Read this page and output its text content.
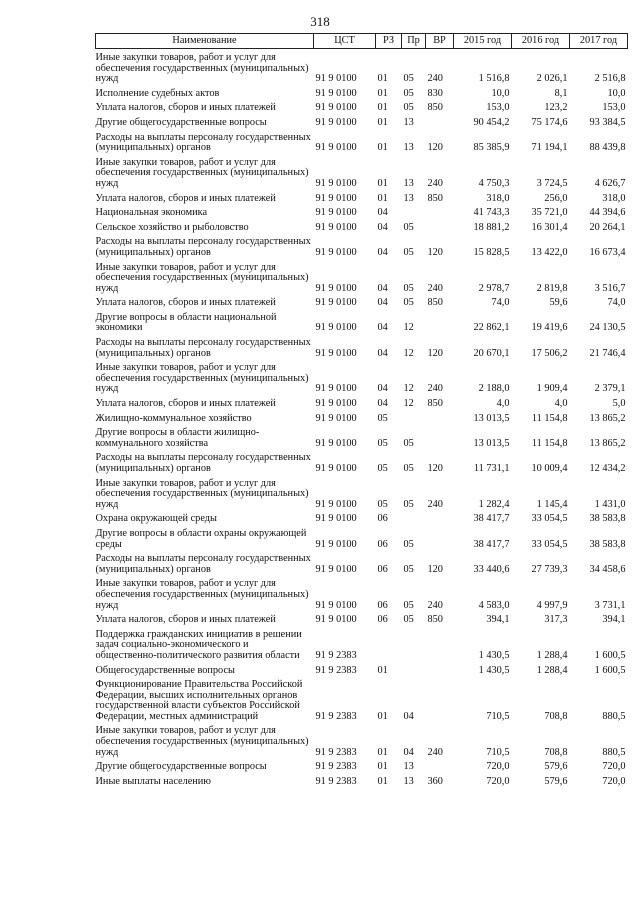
318
Наименование	ЦСТ	РЗ	Пр	ВР	2015 год	2016 год	2017 год
Иные закупки товаров, работ и услуг для обеспечения государственных (муниципальных) нужд	91 9 0100	01	05	240	1 516,8	2 026,1	2 516,8
Исполнение судебных актов	91 9 0100	01	05	830	10,0	8,1	10,0
Уплата налогов, сборов и иных платежей	91 9 0100	01	05	850	153,0	123,2	153,0
Другие общегосударственные вопросы	91 9 0100	01	13		90 454,2	75 174,6	93 384,5
Расходы на выплаты персоналу государственных (муниципальных) органов	91 9 0100	01	13	120	85 385,9	71 194,1	88 439,8
Иные закупки товаров, работ и услуг для обеспечения государственных (муниципальных) нужд	91 9 0100	01	13	240	4 750,3	3 724,5	4 626,7
Уплата налогов, сборов и иных платежей	91 9 0100	01	13	850	318,0	256,0	318,0
Национальная экономика	91 9 0100	04			41 743,3	35 721,0	44 394,6
Сельское хозяйство и рыболовство	91 9 0100	04	05		18 881,2	16 301,4	20 264,1
Расходы на выплаты персоналу государственных (муниципальных) органов	91 9 0100	04	05	120	15 828,5	13 422,0	16 673,4
Иные закупки товаров, работ и услуг для обеспечения государственных (муниципальных) нужд	91 9 0100	04	05	240	2 978,7	2 819,8	3 516,7
Уплата налогов, сборов и иных платежей	91 9 0100	04	05	850	74,0	59,6	74,0
Другие вопросы в области национальной экономики	91 9 0100	04	12		22 862,1	19 419,6	24 130,5
Расходы на выплаты персоналу государственных (муниципальных) органов	91 9 0100	04	12	120	20 670,1	17 506,2	21 746,4
Иные закупки товаров, работ и услуг для обеспечения государственных (муниципальных) нужд	91 9 0100	04	12	240	2 188,0	1 909,4	2 379,1
Уплата налогов, сборов и иных платежей	91 9 0100	04	12	850	4,0	4,0	5,0
Жилищно-коммунальное хозяйство	91 9 0100	05			13 013,5	11 154,8	13 865,2
Другие вопросы в области жилищно-коммунального хозяйства	91 9 0100	05	05		13 013,5	11 154,8	13 865,2
Расходы на выплаты персоналу государственных (муниципальных) органов	91 9 0100	05	05	120	11 731,1	10 009,4	12 434,2
Иные закупки товаров, работ и услуг для обеспечения государственных (муниципальных) нужд	91 9 0100	05	05	240	1 282,4	1 145,4	1 431,0
Охрана окружающей среды	91 9 0100	06			38 417,7	33 054,5	38 583,8
Другие вопросы в области охраны окружающей среды	91 9 0100	06	05		38 417,7	33 054,5	38 583,8
Расходы на выплаты персоналу государственных (муниципальных) органов	91 9 0100	06	05	120	33 440,6	27 739,3	34 458,6
Иные закупки товаров, работ и услуг для обеспечения государственных (муниципальных) нужд	91 9 0100	06	05	240	4 583,0	4 997,9	3 731,1
Уплата налогов, сборов и иных платежей	91 9 0100	06	05	850	394,1	317,3	394,1
Поддержка гражданских инициатив в решении задач социально-экономического и общественно-политического развития области	91 9 2383				1 430,5	1 288,4	1 600,5
Общегосударственные вопросы	91 9 2383	01			1 430,5	1 288,4	1 600,5
Функционирование Правительства Российской Федерации, высших исполнительных органов государственной власти субъектов Российской Федерации, местных администраций	91 9 2383	01	04		710,5	708,8	880,5
Иные закупки товаров, работ и услуг для обеспечения государственных (муниципальных) нужд	91 9 2383	01	04	240	710,5	708,8	880,5
Другие общегосударственные вопросы	91 9 2383	01	13		720,0	579,6	720,0
Иные выплаты населению	91 9 2383	01	13	360	720,0	579,6	720,0
